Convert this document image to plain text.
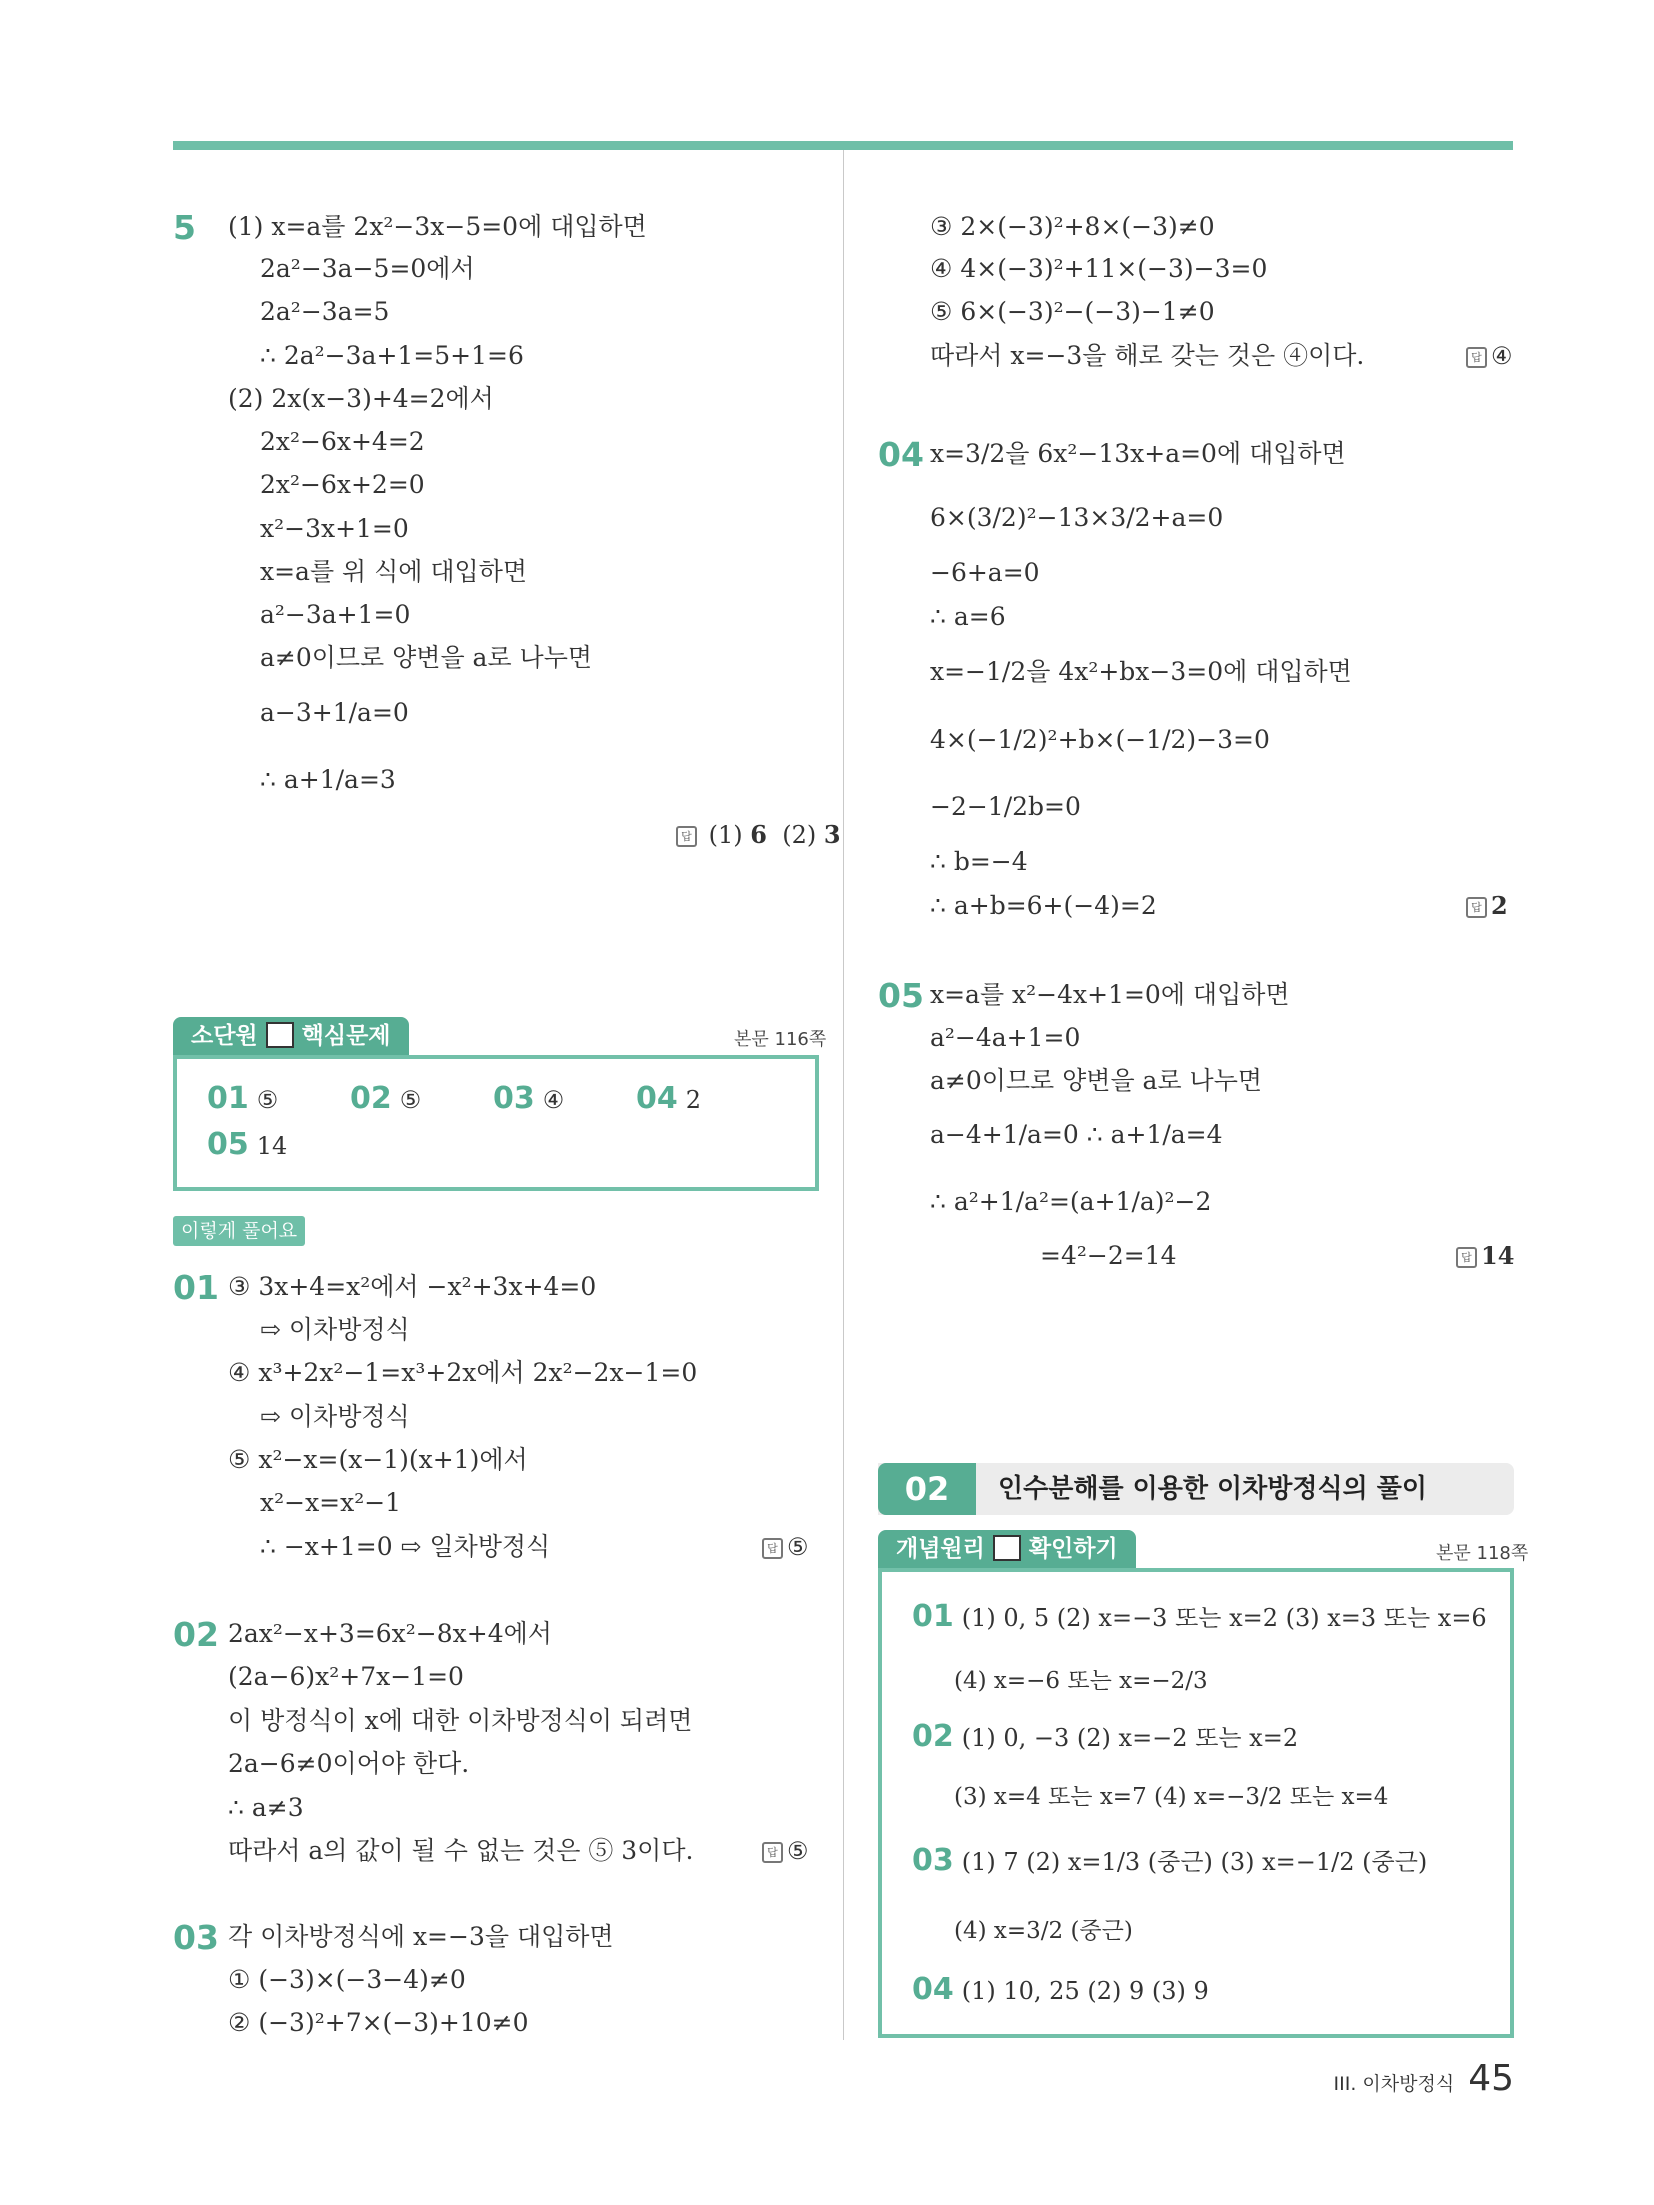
5 (1) x=a를 2x²−3x−5=0에 대입하면
2a²−3a−5=0에서
2a²−3a=5
∴ 2a²−3a+1=5+1=6
(2) 2x(x−3)+4=2에서
2x²−6x+4=2
2x²−6x+2=0
x²−3x+1=0
x=a를 위 식에 대입하면
a²−3a+1=0
a≠0이므로 양변을 a로 나누면
a−3+1/a=0
∴ a+1/a=3
답 (1) 6 (2) 3
소단원 핵심문제	본문 116쪽
01 ⑤ 02 ⑤ 03 ④ 04 2
05 14
이렇게 풀어요
01 ③ 3x+4=x²에서 −x²+3x+4=0
⇨ 이차방정식
④ x³+2x²−1=x³+2x에서 2x²−2x−1=0
⇨ 이차방정식
⑤ x²−x=(x−1)(x+1)에서
x²−x=x²−1
∴ −x+1=0 ⇨ 일차방정식	답 ⑤
02 2ax²−x+3=6x²−8x+4에서
(2a−6)x²+7x−1=0
이 방정식이 x에 대한 이차방정식이 되려면
2a−6≠0이어야 한다.
∴ a≠3
따라서 a의 값이 될 수 없는 것은 ⑤ 3이다.	답 ⑤
03 각 이차방정식에 x=−3을 대입하면
① (−3)×(−3−4)≠0
② (−3)²+7×(−3)+10≠0
③ 2×(−3)²+8×(−3)≠0
④ 4×(−3)²+11×(−3)−3=0
⑤ 6×(−3)²−(−3)−1≠0
따라서 x=−3을 해로 갖는 것은 ④이다.	답 ④
04 x=3/2을 6x²−13x+a=0에 대입하면
6×(3/2)²−13×3/2+a=0
−6+a=0
∴ a=6
x=−1/2을 4x²+bx−3=0에 대입하면
4×(−1/2)²+b×(−1/2)−3=0
−2−1/2b=0
∴ b=−4
∴ a+b=6+(−4)=2	답 2
05 x=a를 x²−4x+1=0에 대입하면
a²−4a+1=0
a≠0이므로 양변을 a로 나누면
a−4+1/a=0 ∴ a+1/a=4
∴ a²+1/a²=(a+1/a)²−2
=4²−2=14	답 14
02	인수분해를 이용한 이차방정식의 풀이
개념원리 확인하기	본문 118쪽
01 (1) 0, 5 (2) x=−3 또는 x=2 (3) x=3 또는 x=6
(4) x=−6 또는 x=−2/3
02 (1) 0, −3 (2) x=−2 또는 x=2
(3) x=4 또는 x=7 (4) x=−3/2 또는 x=4
03 (1) 7 (2) x=1/3 (중근) (3) x=−1/2 (중근)
(4) x=3/2 (중근)
04 (1) 10, 25 (2) 9 (3) 9
III. 이차방정식 45
